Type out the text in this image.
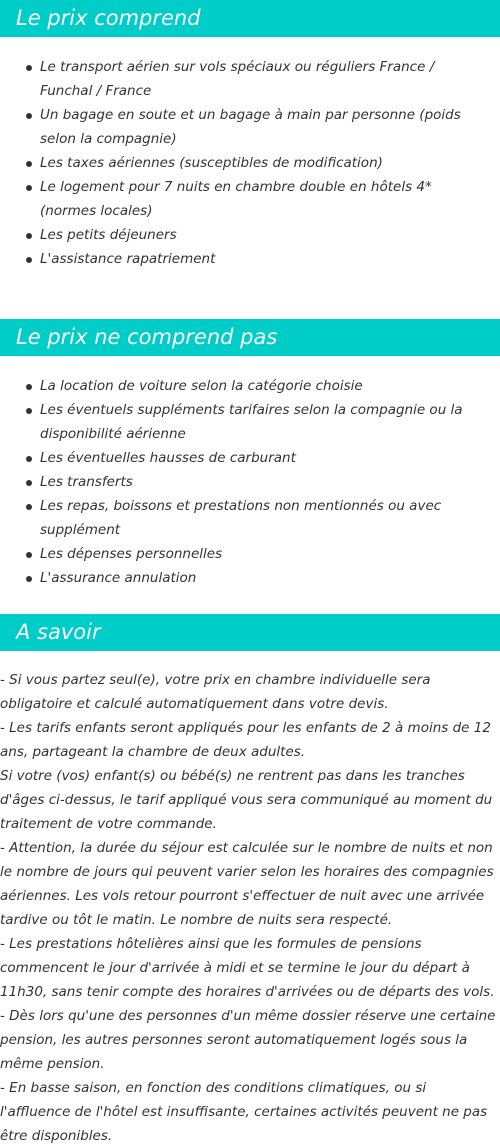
Le prix comprend
Le transport aérien sur vols spéciaux ou réguliers France / Funchal / France
Un bagage en soute et un bagage à main par personne (poids selon la compagnie)
Les taxes aériennes (susceptibles de modification)
Le logement pour 7 nuits en chambre double en hôtels 4* (normes locales)
Les petits déjeuners
L'assistance rapatriement
Le prix ne comprend pas
La location de voiture selon la catégorie choisie
Les éventuels suppléments tarifaires selon la compagnie ou la disponibilité aérienne
Les éventuelles hausses de carburant
Les transferts
Les repas, boissons et prestations non mentionnés ou avec supplément
Les dépenses personnelles
L'assurance annulation
A savoir

- Si vous partez seul(e), votre prix en chambre individuelle sera obligatoire et calculé automatiquement dans votre devis.

- Les tarifs enfants seront appliqués pour les enfants de 2 à moins de 12 ans, partageant la chambre de deux adultes.

Si votre (vos) enfant(s) ou bébé(s) ne rentrent pas dans les tranches d'âges ci-dessus, le tarif appliqué vous sera communiqué au moment du traitement de votre commande.

- Attention, la durée du séjour est calculée sur le nombre de nuits et non le nombre de jours qui peuvent varier selon les horaires des compagnies aériennes. Les vols retour pourront s'effectuer de nuit avec une arrivée tardive ou tôt le matin. Le nombre de nuits sera respecté.

- Les prestations hôtelières ainsi que les formules de pensions commencent le jour d'arrivée à midi et se termine le jour du départ à 11h30, sans tenir compte des horaires d'arrivées ou de départs des vols.

- Dès lors qu'une des personnes d'un même dossier réserve une certaine pension, les autres personnes seront automatiquement logés sous la même pension.

- En basse saison, en fonction des conditions climatiques, ou si l'affluence de l'hôtel est insuffisante, certaines activités peuvent ne pas être disponibles.
